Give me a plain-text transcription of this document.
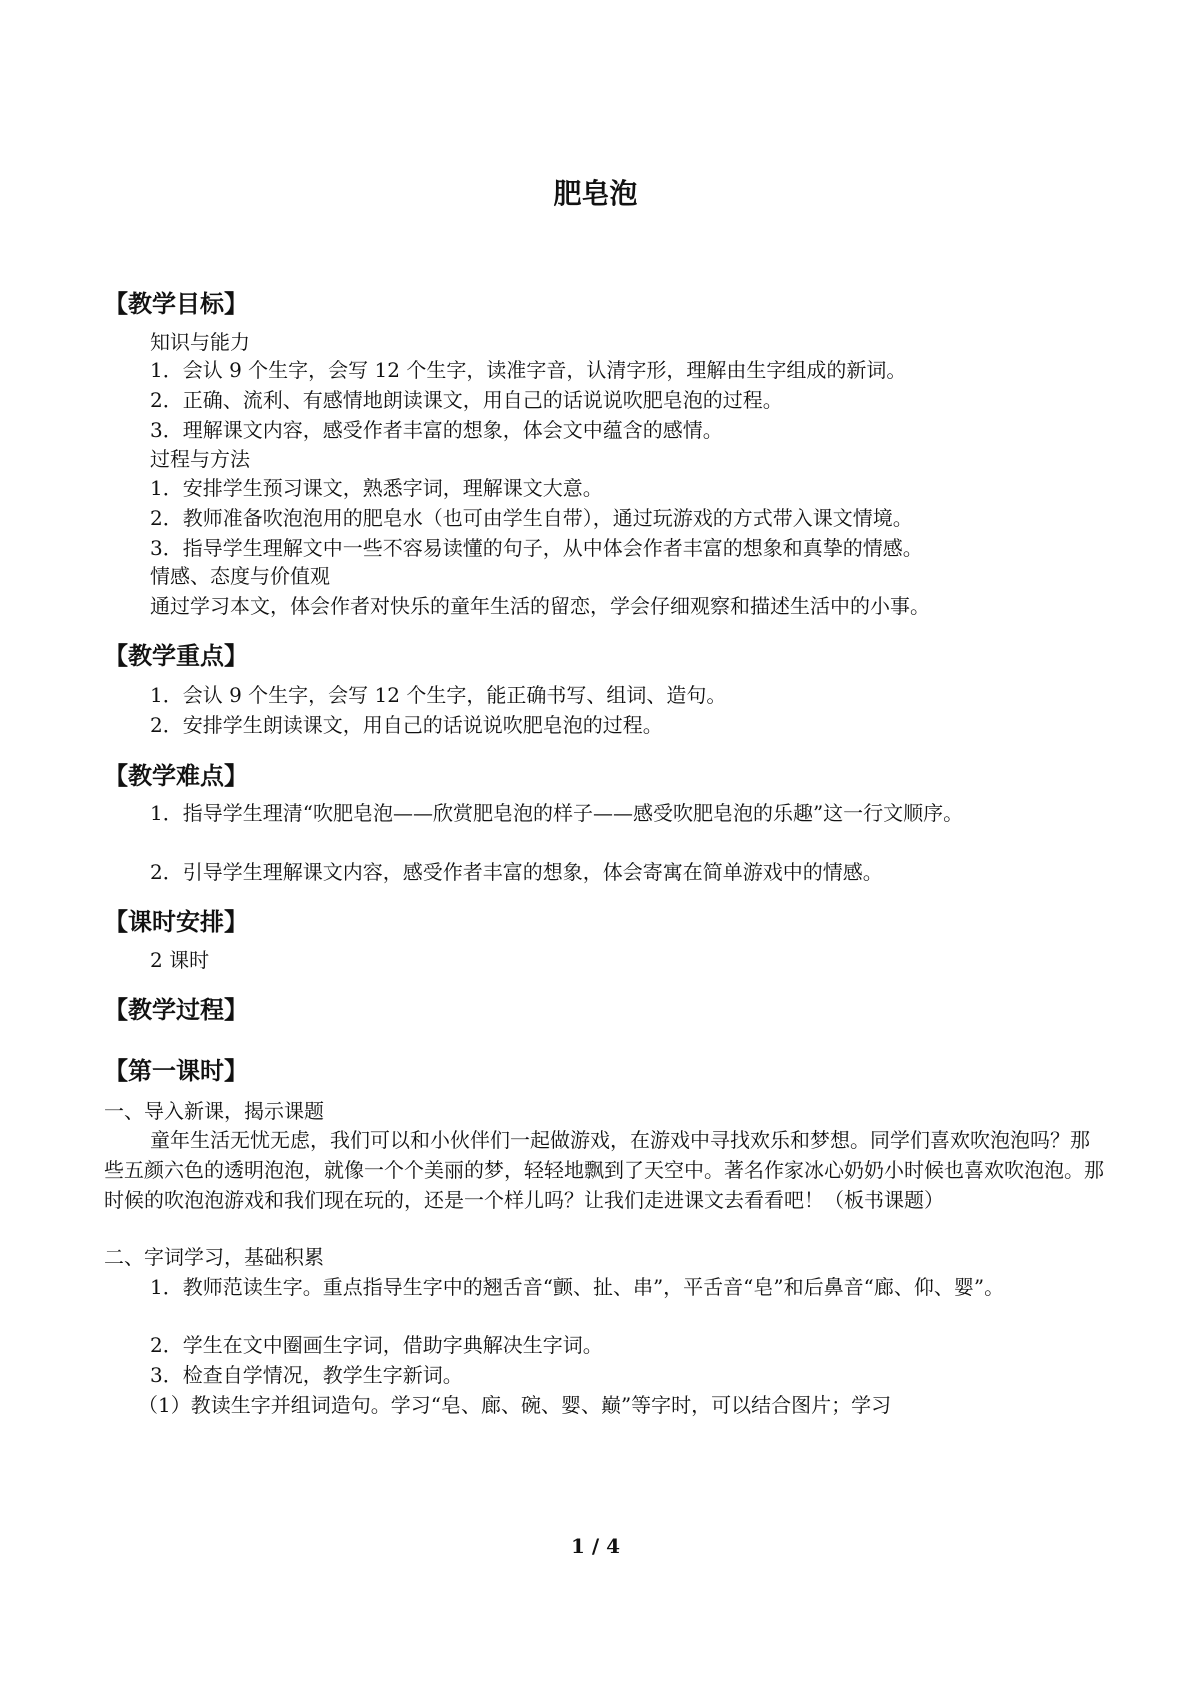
肥皂泡
【教学目标】
知识与能力
1．会认 9 个生字，会写 12 个生字，读准字音，认清字形，理解由生字组成的新词。
2．正确、流利、有感情地朗读课文，用自己的话说说吹肥皂泡的过程。
3．理解课文内容，感受作者丰富的想象，体会文中蕴含的感情。
过程与方法
1．安排学生预习课文，熟悉字词，理解课文大意。
2．教师准备吹泡泡用的肥皂水（也可由学生自带），通过玩游戏的方式带入课文情境。
3．指导学生理解文中一些不容易读懂的句子，从中体会作者丰富的想象和真挚的情感。
情感、态度与价值观
通过学习本文，体会作者对快乐的童年生活的留恋，学会仔细观察和描述生活中的小事。
【教学重点】
1．会认 9 个生字，会写 12 个生字，能正确书写、组词、造句。
2．安排学生朗读课文，用自己的话说说吹肥皂泡的过程。
【教学难点】
1．指导学生理清“吹肥皂泡——欣赏肥皂泡的样子——感受吹肥皂泡的乐趣”这一行文顺序。
2．引导学生理解课文内容，感受作者丰富的想象，体会寄寓在简单游戏中的情感。
【课时安排】
2 课时
【教学过程】
【第一课时】
一、导入新课，揭示课题
童年生活无忧无虑，我们可以和小伙伴们一起做游戏，在游戏中寻找欢乐和梦想。同学们喜欢吹泡泡吗？那些五颜六色的透明泡泡，就像一个个美丽的梦，轻轻地飘到了天空中。著名作家冰心奶奶小时候也喜欢吹泡泡。那时候的吹泡泡游戏和我们现在玩的，还是一个样儿吗？让我们走进课文去看看吧！（板书课题）
二、字词学习，基础积累
1．教师范读生字。重点指导生字中的翘舌音“颤、扯、串”，平舌音“皂”和后鼻音“廊、仰、婴”。
2．学生在文中圈画生字词，借助字典解决生字词。
3．检查自学情况，教学生字新词。
（1）教读生字并组词造句。学习“皂、廊、碗、婴、巅”等字时，可以结合图片；学习
1 / 4
